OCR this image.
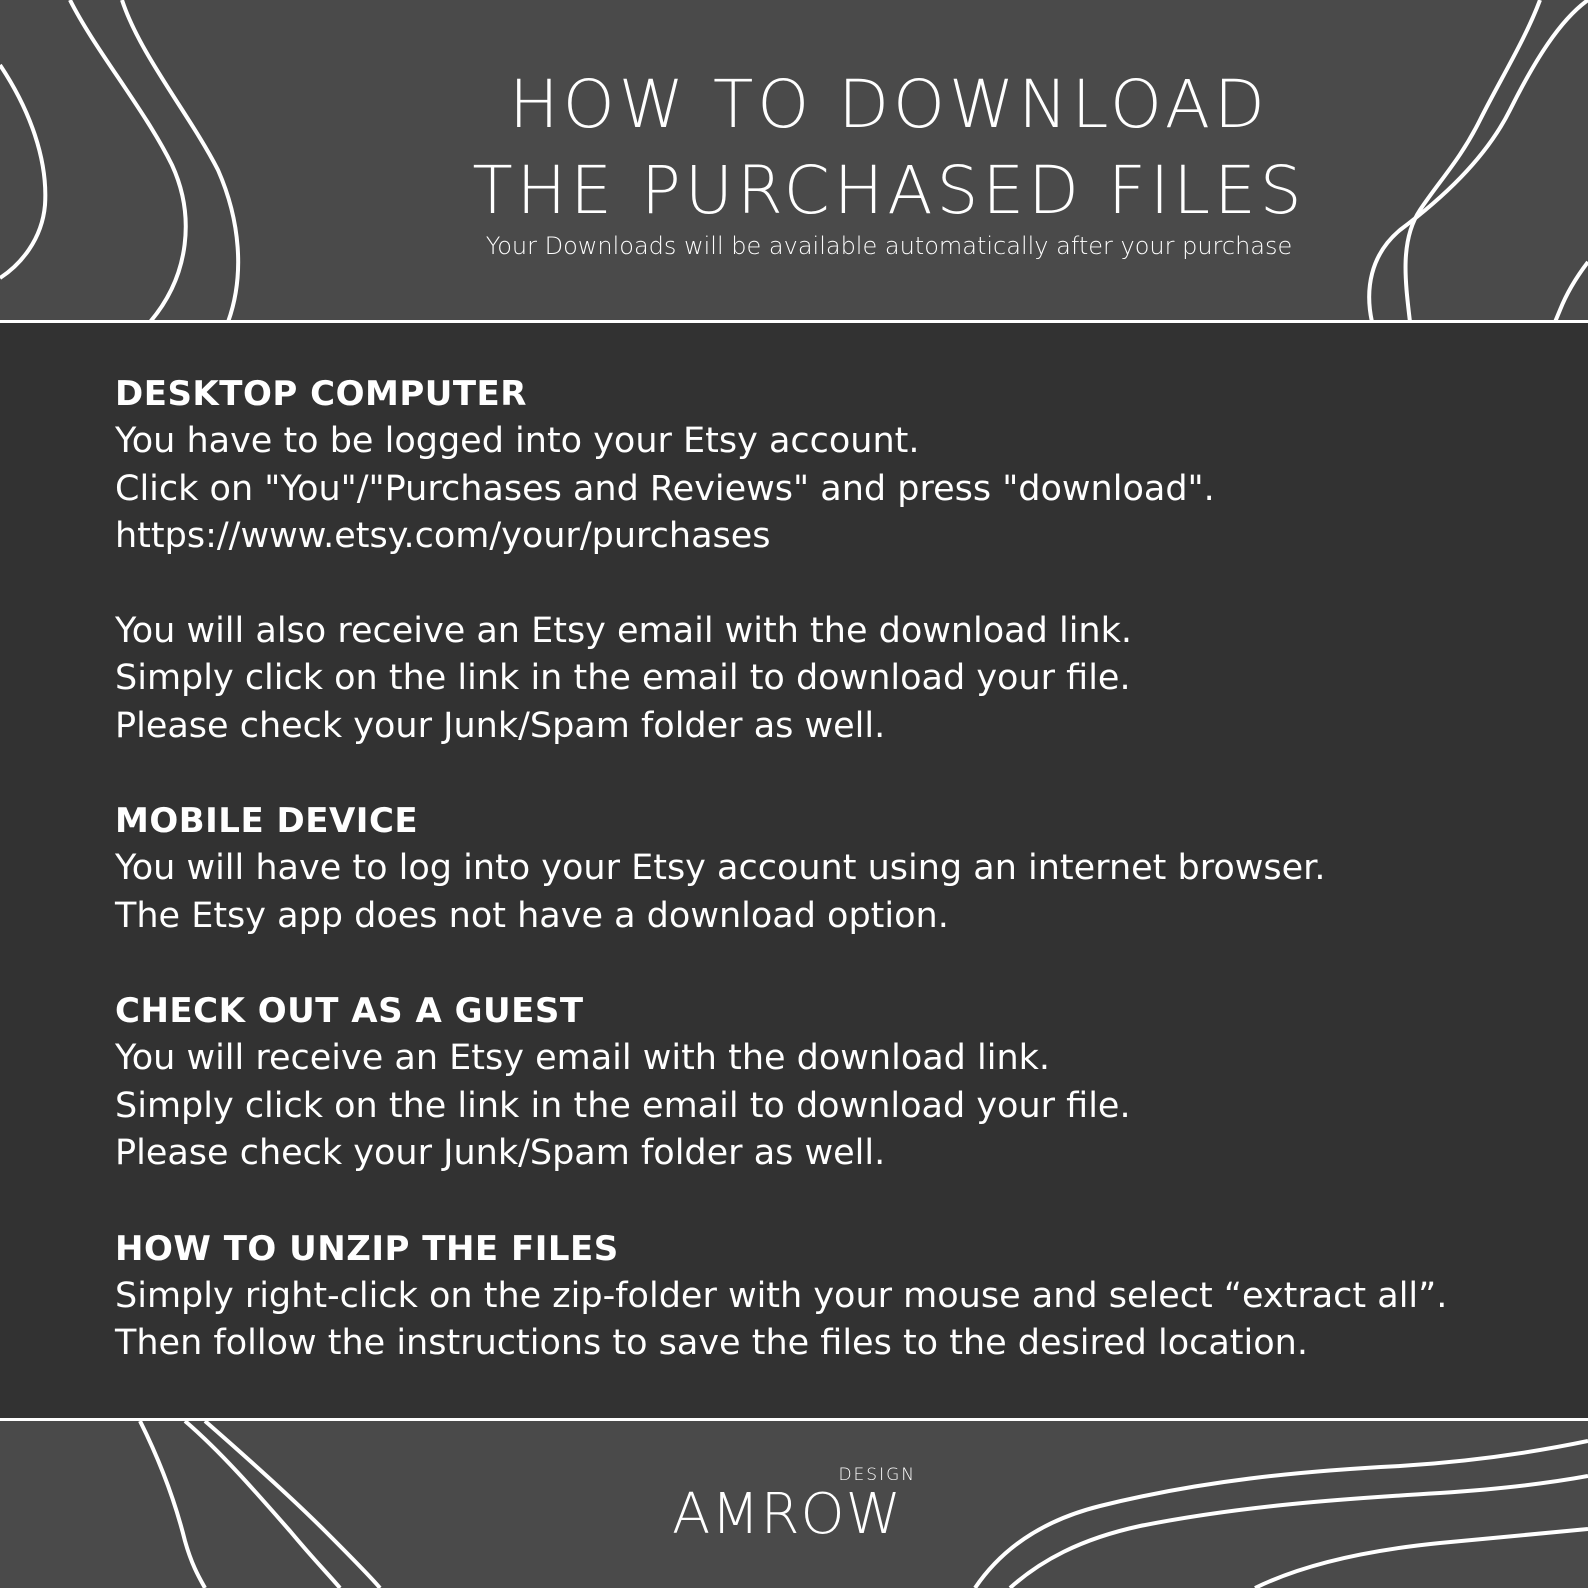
HOW TO DOWNLOAD
THE PURCHASED FILES

Your Downloads will be available automatically after your purchase

DESKTOP COMPUTER

You have to be logged into your Etsy account.

Click on "You"/"Purchases and Reviews" and press "download".

https://www.etsy.com/your/purchases

You will also receive an Etsy email with the download link.

Simply click on the link in the email to download your file.

Please check your Junk/Spam folder as well.

MOBILE DEVICE

You will have to log into your Etsy account using an internet browser.

The Etsy app does not have a download option.

CHECK OUT AS A GUEST

You will receive an Etsy email with the download link.

Simply click on the link in the email to download your file.

Please check your Junk/Spam folder as well.

HOW TO UNZIP THE FILES

Simply right-click on the zip-folder with your mouse and select “extract all”.

Then follow the instructions to save the files to the desired location.

DESIGN
AMROW
